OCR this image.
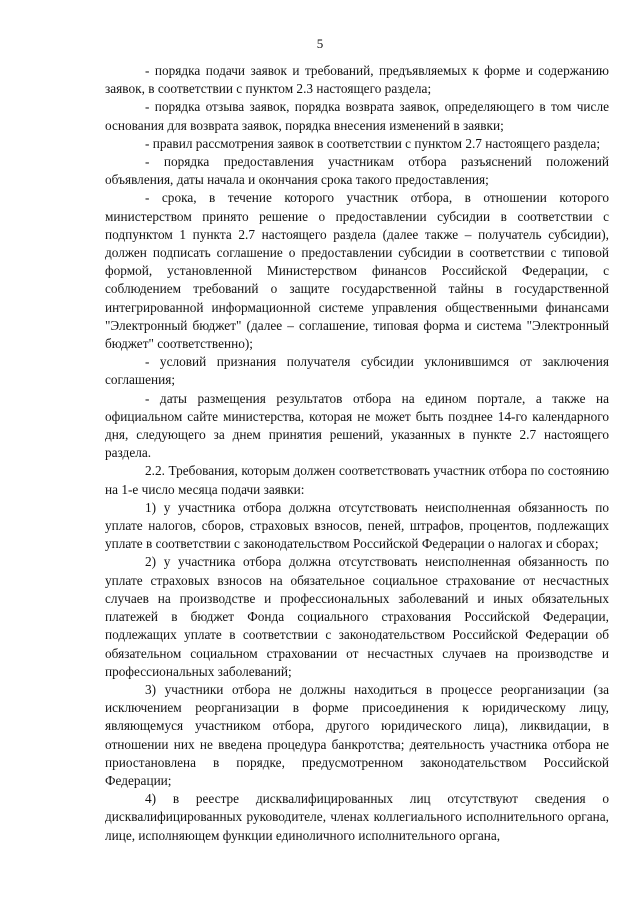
5

- порядка подачи заявок и требований, предъявляемых к форме и содержанию заявок, в соответствии с пунктом 2.3 настоящего раздела;

- порядка отзыва заявок, порядка возврата заявок, определяющего в том числе основания для возврата заявок, порядка внесения изменений в заявки;

- правил рассмотрения заявок в соответствии с пунктом 2.7 настоящего раздела;

- порядка предоставления участникам отбора разъяснений положений объявления, даты начала и окончания срока такого предоставления;

- срока, в течение которого участник отбора, в отношении которого министерством принято решение о предоставлении субсидии в соответствии с подпунктом 1 пункта 2.7 настоящего раздела (далее также – получатель субсидии), должен подписать соглашение о предоставлении субсидии в соответствии с типовой формой, установленной Министерством финансов Российской Федерации, с соблюдением требований о защите государственной тайны в государственной интегрированной информационной системе управления общественными финансами "Электронный бюджет" (далее – соглашение, типовая форма и система "Электронный бюджет" соответственно);

- условий признания получателя субсидии уклонившимся от заключения соглашения;

- даты размещения результатов отбора на едином портале, а также на официальном сайте министерства, которая не может быть позднее 14-го календарного дня, следующего за днем принятия решений, указанных в пункте 2.7 настоящего раздела.

2.2. Требования, которым должен соответствовать участник отбора по состоянию на 1-е число месяца подачи заявки:

1) у участника отбора должна отсутствовать неисполненная обязанность по уплате налогов, сборов, страховых взносов, пеней, штрафов, процентов, подлежащих уплате в соответствии с законодательством Российской Федерации о налогах и сборах;

2) у участника отбора должна отсутствовать неисполненная обязанность по уплате страховых взносов на обязательное социальное страхование от несчастных случаев на производстве и профессиональных заболеваний и иных обязательных платежей в бюджет Фонда социального страхования Российской Федерации, подлежащих уплате в соответствии с законодательством Российской Федерации об обязательном социальном страховании от несчастных случаев на производстве и профессиональных заболеваний;

3) участники отбора не должны находиться в процессе реорганизации (за исключением реорганизации в форме присоединения к юридическому лицу, являющемуся участником отбора, другого юридического лица), ликвидации, в отношении них не введена процедура банкротства; деятельность участника отбора не приостановлена в порядке, предусмотренном законодательством Российской Федерации;

4) в реестре дисквалифицированных лиц отсутствуют сведения о дисквалифицированных руководителе, членах коллегиального исполнительного органа, лице, исполняющем функции единоличного исполнительного органа,
